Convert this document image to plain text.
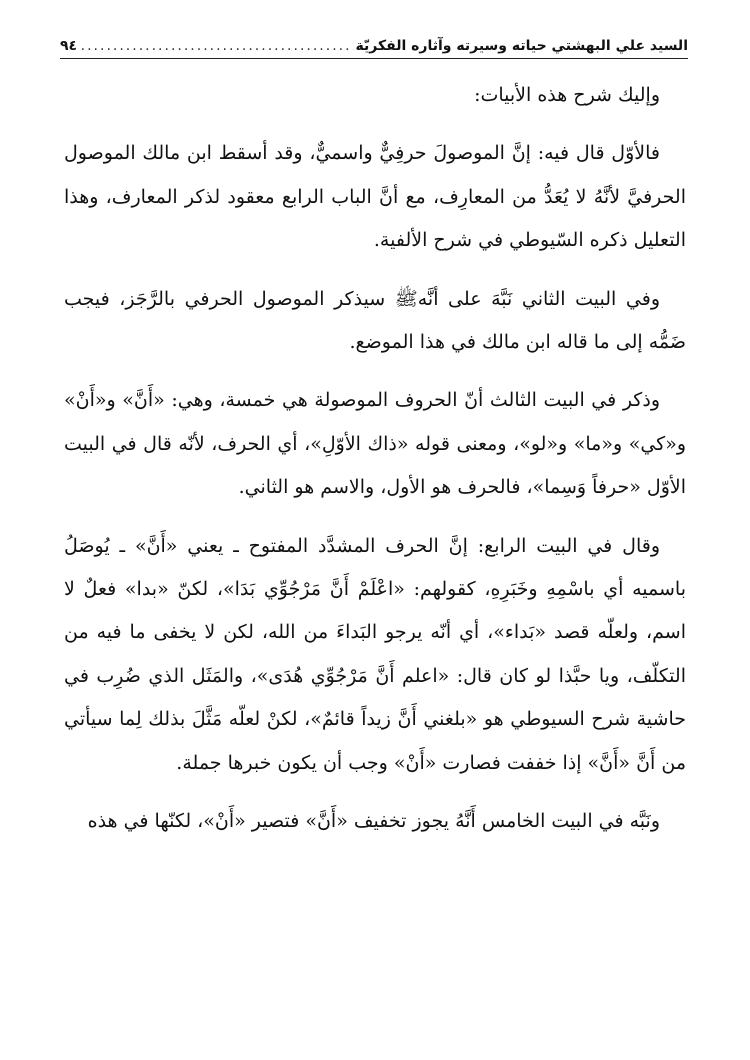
السيد علي البهشتي حياته وسيرته وآثاره الفكريّة
.....
٩٤

وإليك شرح هذه الأبيات:

فالأوّل قال فيه: إنَّ الموصولَ حرفِيٌّ واسميٌّ، وقد أسقط ابن مالك الموصول الحرفيَّ لأنَّهُ لا يُعَدُّ من المعارِف، مع أنَّ الباب الرابع معقود لذكر المعارف، وهذا التعليل ذكره السّيوطي في شرح الألفية.

وفي البيت الثاني نَبَّهَ على أنَّهﷺ سيذكر الموصول الحرفي بالرَّجَز، فيجب ضَمُّه إلى ما قاله ابن مالك في هذا الموضع.

وذكر في البيت الثالث أنّ الحروف الموصولة هي خمسة، وهي: «أَنَّ» و«أَنْ» و«كي» و«ما» و«لو»، ومعنى قوله «ذاك الأوّلِ»، أي الحرف، لأنّه قال في البيت الأوّل «حرفاً وَسِما»، فالحرف هو الأول، والاسم هو الثاني.

وقال في البيت الرابع: إنَّ الحرف المشدَّد المفتوح ـ يعني «أَنَّ» ـ يُوصَلُ باسميه أي باسْمِهِ وخَبَرِهِ، كقولهم: «اعْلَمْ أَنَّ مَرْجُوِّي بَدَا»، لكنّ «بدا» فعلٌ لا اسم، ولعلّه قصد «بَداء»، أي أنّه يرجو البَداءَ من الله، لكن لا يخفى ما فيه من التكلّف، ويا حبَّذا لو كان قال: «اعلم أَنَّ مَرْجُوِّي هُدَى»، والمَثَل الذي ضُرِب في حاشية شرح السيوطي هو «بلغني أَنَّ زيداً قائمٌ»، لكنْ لعلّه مَثَّلَ بذلك لِما سيأتي من أَنَّ «أَنَّ» إذا خففت فصارت «أَنْ» وجب أن يكون خبرها جملة.

ونَبَّه في البيت الخامس أَنَّهُ يجوز تخفيف «أَنَّ» فتصير «أَنْ»، لكنّها في هذه
